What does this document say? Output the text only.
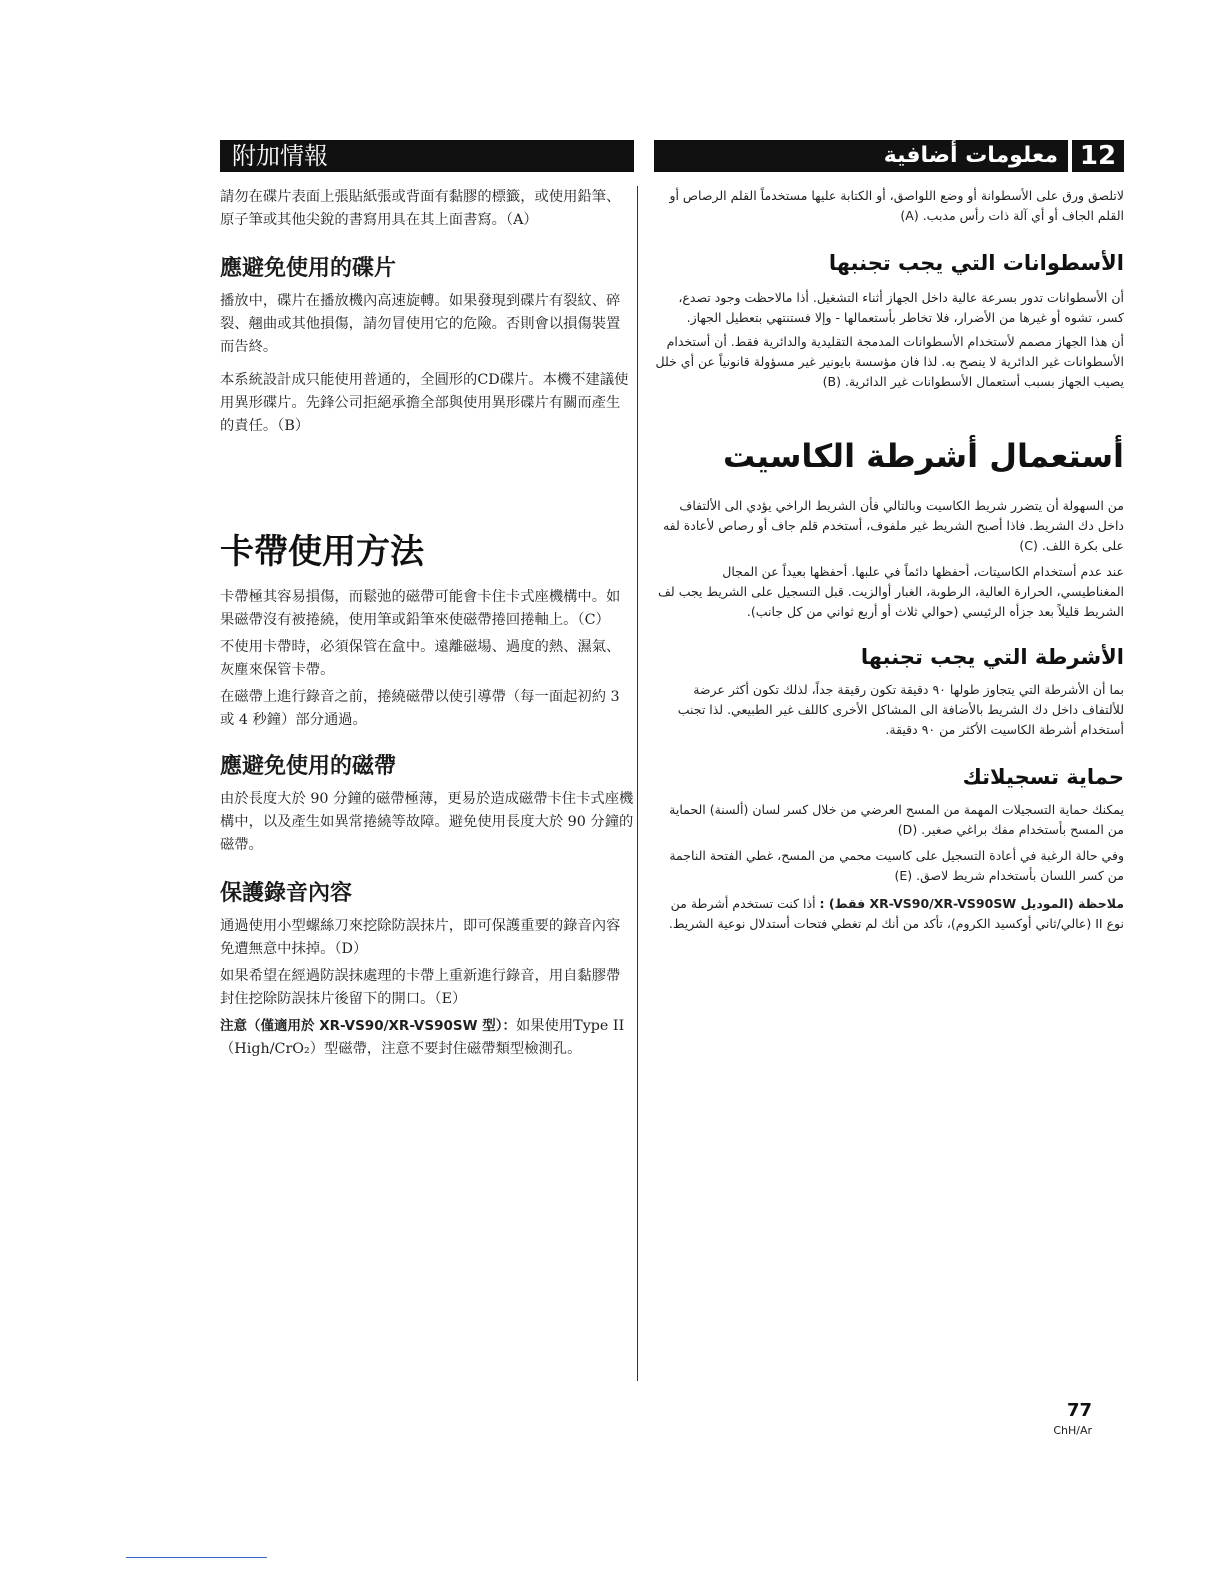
附加情報

請勿在碟片表面上張貼紙張或背面有黏膠的標籤，或使用鉛筆、原子筆或其他尖銳的書寫用具在其上面書寫。（A）

應避免使用的碟片

播放中，碟片在播放機內高速旋轉。如果發現到碟片有裂紋、碎裂、翹曲或其他損傷，請勿冒使用它的危險。否則會以損傷裝置而告終。

本系統設計成只能使用普通的，全圓形的CD碟片。本機不建議使用異形碟片。先鋒公司拒絕承擔全部與使用異形碟片有關而產生的責任。（B）

卡帶使用方法

卡帶極其容易損傷，而鬆弛的磁帶可能會卡住卡式座機構中。如果磁帶沒有被捲繞，使用筆或鉛筆來使磁帶捲回捲軸上。（C）

不使用卡帶時，必須保管在盒中。遠離磁場、過度的熱、濕氣、灰塵來保管卡帶。

在磁帶上進行錄音之前，捲繞磁帶以使引導帶（每一面起初約 3 或 4 秒鐘）部分通過。

應避免使用的磁帶

由於長度大於 90 分鐘的磁帶極薄，更易於造成磁帶卡住卡式座機構中，以及產生如異常捲繞等故障。避免使用長度大於 90 分鐘的磁帶。

保護錄音內容

通過使用小型螺絲刀來挖除防誤抹片，即可保護重要的錄音內容免遭無意中抹掉。（D）

如果希望在經過防誤抹處理的卡帶上重新進行錄音，用自黏膠帶封住挖除防誤抹片後留下的開口。（E）

注意（僅適用於 XR-VS90/XR-VS90SW 型）：如果使用Type II（High/CrO₂）型磁帶，注意不要封住磁帶類型檢測孔。

12
معلومات أضافية

لاتلصق ورق على الأسطوانة أو وضع اللواصق، أو الكتابة عليها مستخدماً القلم الرصاص أو القلم الجاف أو أي آلة ذات رأس مدبب. (A)

الأسطوانات التي يجب تجنبها

أن الأسطوانات تدور بسرعة عالية داخل الجهاز أثناء التشغيل. أذا مالاحظت وجود تصدع، كسر، تشوه أو غيرها من الأضرار، فلا تخاطر بأستعمالها - وإلا فستنتهي بتعطيل الجهاز.

أن هذا الجهاز مصمم لأستخدام الأسطوانات المدمجة التقليدية والدائرية فقط. أن أستخدام الأسطوانات غير الدائرية لا ينصح به. لذا فان مؤسسة بايونير غير مسؤولة قانونياً عن أي خلل يصيب الجهاز بسبب أستعمال الأسطوانات غير الدائرية. (B)

أستعمال أشرطة الكاسيت

من السهولة أن يتضرر شريط الكاسيت وبالتالي فأن الشريط الراخي يؤدي الى الألتفاف داخل دك الشريط. فاذا أصبح الشريط غير ملفوف، أستخدم قلم جاف أو رصاص لأعادة لفه على بكرة اللف. (C)

عند عدم أستخدام الكاسيتات، أحفظها دائماً في علبها. أحفظها بعيداً عن المجال المغناطيسي، الحرارة العالية، الرطوبة، الغبار أوالزيت. قبل التسجيل على الشريط يجب لف الشريط قليلاً بعد جزأه الرئيسي (حوالي ثلاث أو أربع ثواني من كل جانب).

الأشرطة التي يجب تجنبها

بما أن الأشرطة التي يتجاوز طولها ٩٠ دقيقة تكون رقيقة جداً، لذلك تكون أكثر عرضة للألتفاف داخل دك الشريط بالأضافة الى المشاكل الأخرى كاللف غير الطبيعي. لذا تجنب أستخدام أشرطة الكاسيت الأكثر من ٩٠ دقيقة.

حماية تسجيلاتك

يمكنك حماية التسجيلات المهمة من المسح العرضي من خلال كسر لسان (ألسنة) الحماية من المسح بأستخدام مفك براغي صغير. (D)

وفي حالة الرغبة في أعادة التسجيل على كاسيت محمي من المسح، غطي الفتحة الناجمة من كسر اللسان بأستخدام شريط لاصق. (E)

ملاحظة (الموديل XR-VS90/XR-VS90SW فقط) : أذا كنت تستخدم أشرطة من نوع II (عالي/ثاني أوكسيد الكروم)، تأكد من أنك لم تغطي فتحات أستدلال نوعية الشريط.

77
ChH/Ar
